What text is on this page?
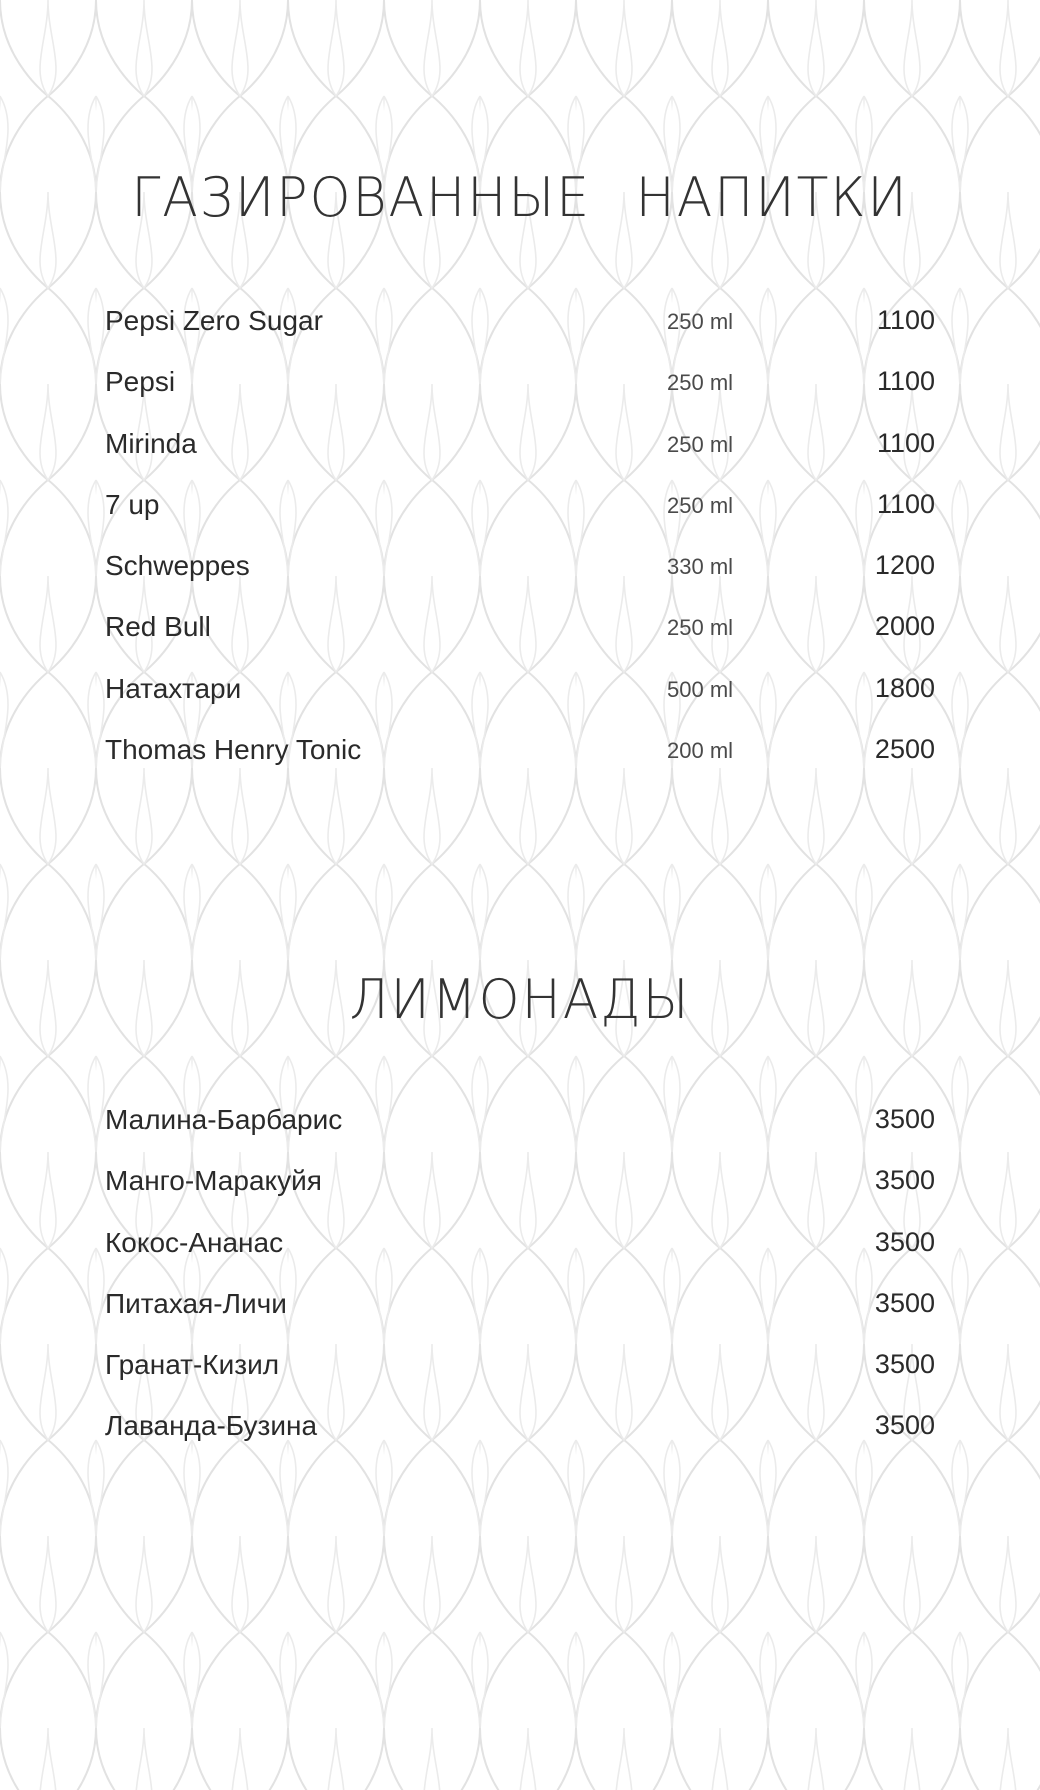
ГАЗИРОВАННЫЕ НАПИТКИ
Pepsi Zero Sugar	250 ml	1100
Pepsi	250 ml	1100
Mirinda	250 ml	1100
7 up	250 ml	1100
Schweppes	330 ml	1200
Red Bull	250 ml	2000
Натахтари	500 ml	1800
Thomas Henry Tonic	200 ml	2500
ЛИМОНАДЫ
Малина-Барбарис	3500
Манго-Маракуйя	3500
Кокос-Ананас	3500
Питахая-Личи	3500
Гранат-Кизил	3500
Лаванда-Бузина	3500
